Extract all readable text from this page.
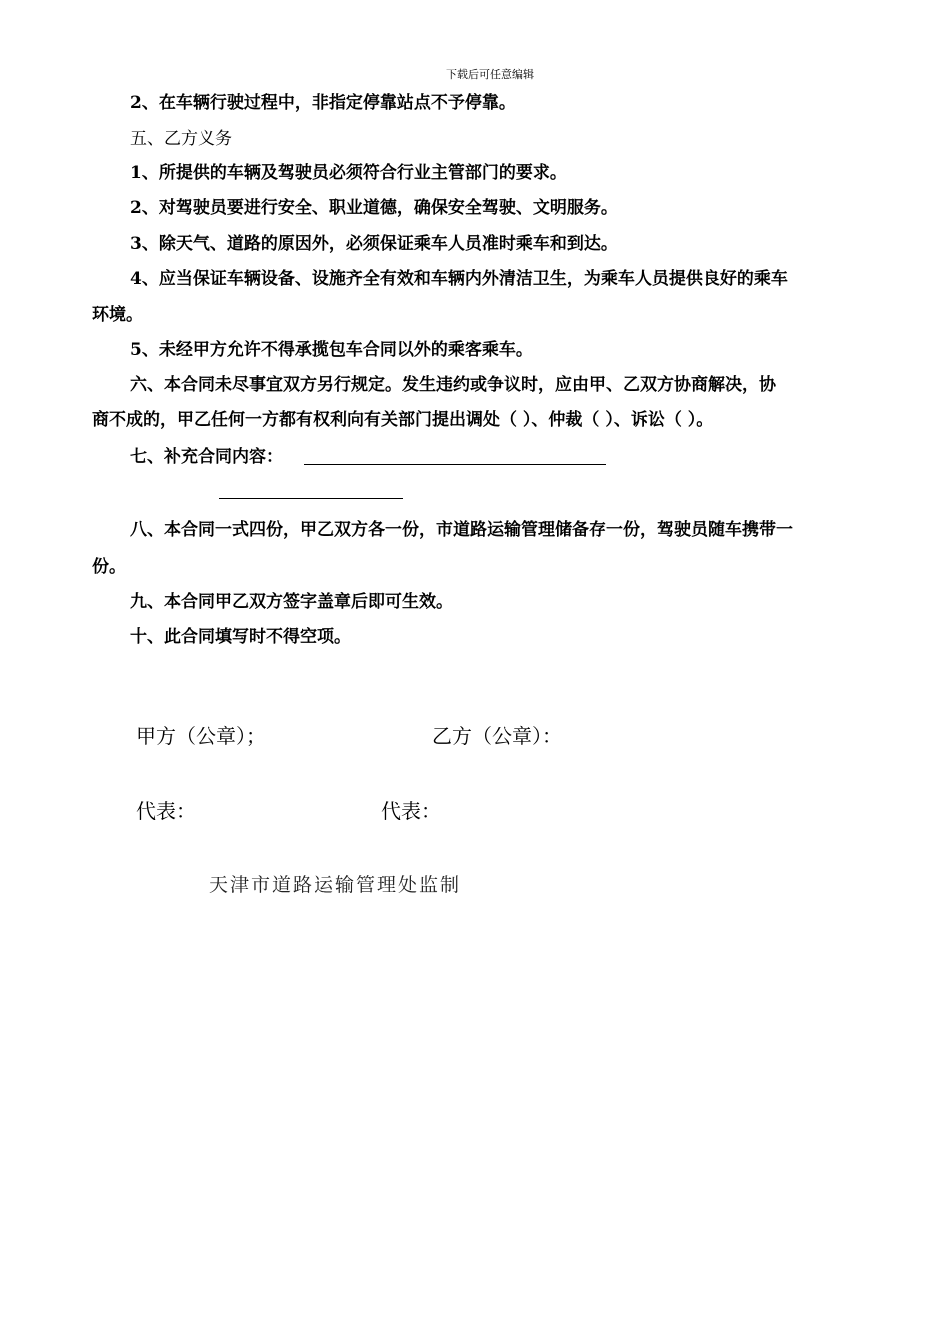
下载后可任意编辑
2、在车辆行驶过程中，非指定停靠站点不予停靠。
五、乙方义务
1、所提供的车辆及驾驶员必须符合行业主管部门的要求。
2、对驾驶员要进行安全、职业道德，确保安全驾驶、文明服务。
3、除天气、道路的原因外，必须保证乘车人员准时乘车和到达。
4、应当保证车辆设备、设施齐全有效和车辆内外清洁卫生，为乘车人员提供良好的乘车
环境。
5、未经甲方允许不得承揽包车合同以外的乘客乘车。
六、本合同未尽事宜双方另行规定。发生违约或争议时，应由甲、乙双方协商解决，协
商不成的，甲乙任何一方都有权利向有关部门提出调处（ ）、仲裁（ ）、诉讼（ ）。
七、补充合同内容：
八、本合同一式四份，甲乙双方各一份，市道路运输管理储备存一份，驾驶员随车携带一
份。
九、本合同甲乙双方签字盖章后即可生效。
十、此合同填写时不得空项。
甲方（公章）；	乙方（公章）：
代表：	代表：
天津市道路运输管理处监制
